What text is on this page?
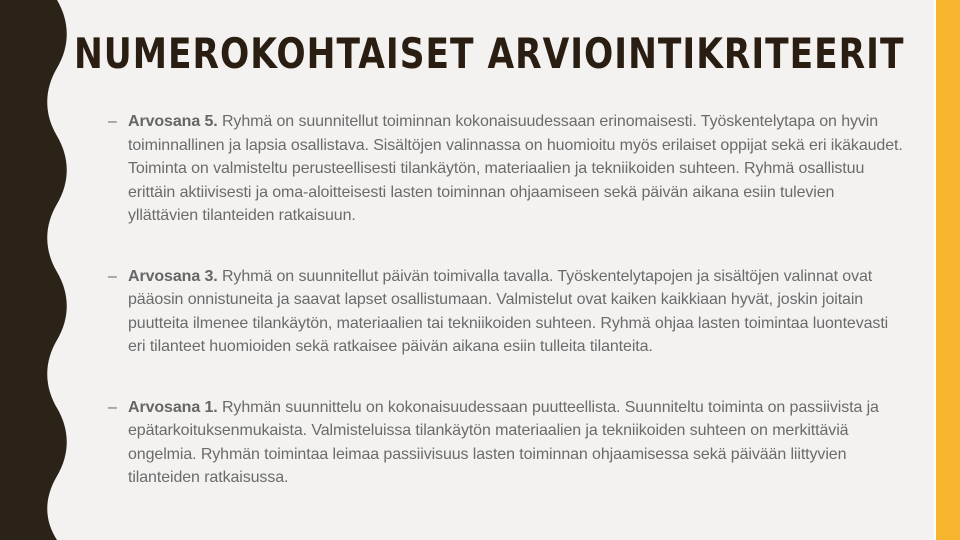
NUMEROKOHTAISET ARVIOINTIKRITEERIT
– Arvosana 5. Ryhmä on suunnitellut toiminnan kokonaisuudessaan erinomaisesti. Työskentelytapa on hyvin toiminnallinen ja lapsia osallistava. Sisältöjen valinnassa on huomioitu myös erilaiset oppijat sekä eri ikäkaudet. Toiminta on valmisteltu perusteellisesti tilankäytön, materiaalien ja tekniikoiden suhteen. Ryhmä osallistuu erittäin aktiivisesti ja oma-aloitteisesti lasten toiminnan ohjaamiseen sekä päivän aikana esiin tulevien yllättävien tilanteiden ratkaisuun.
– Arvosana 3. Ryhmä on suunnitellut päivän toimivalla tavalla. Työskentelytapojen ja sisältöjen valinnat ovat pääosin onnistuneita ja saavat lapset osallistumaan. Valmistelut ovat kaiken kaikkiaan hyvät, joskin joitain puutteita ilmenee tilankäytön, materiaalien tai tekniikoiden suhteen. Ryhmä ohjaa lasten toimintaa luontevasti eri tilanteet huomioiden sekä ratkaisee päivän aikana esiin tulleita tilanteita.
– Arvosana 1. Ryhmän suunnittelu on kokonaisuudessaan puutteellista. Suunniteltu toiminta on passiivista ja epätarkoituksenmukaista. Valmisteluissa tilankäytön materiaalien ja tekniikoiden suhteen on merkittäviä ongelmia. Ryhmän toimintaa leimaa passiivisuus lasten toiminnan ohjaamisessa sekä päivään liittyvien tilanteiden ratkaisussa.
